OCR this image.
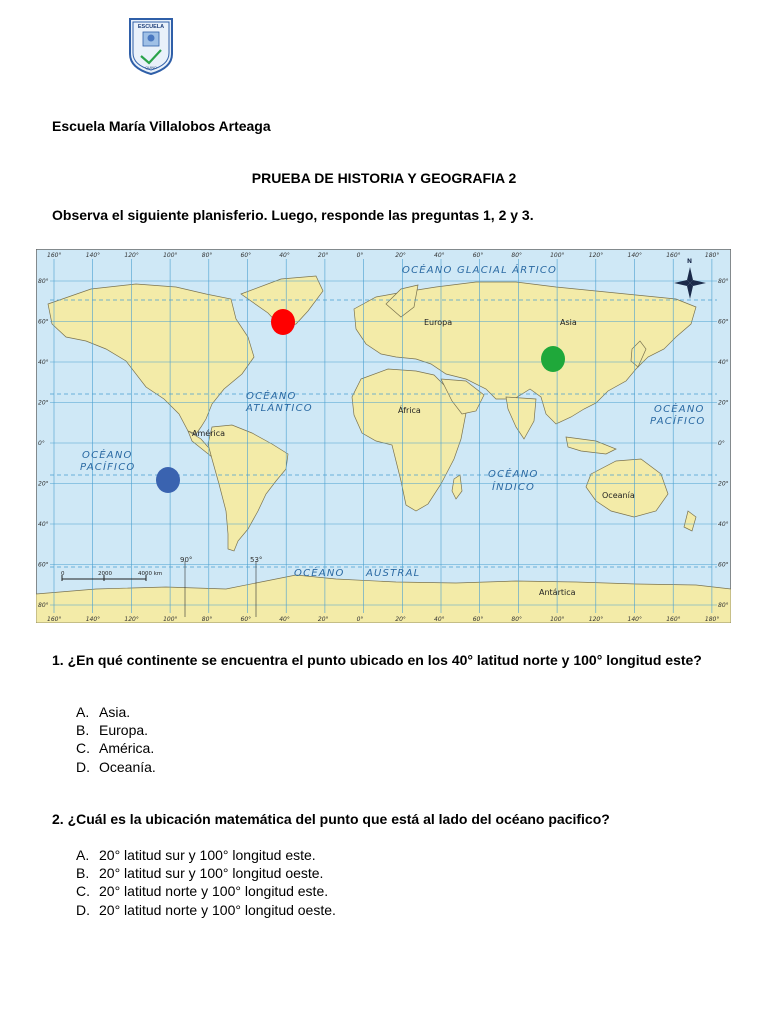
ESCUELA
QUINO
Escuela María Villalobos Arteaga
PRUEBA DE HISTORIA Y GEOGRAFIA 2
Observa el siguiente planisferio. Luego, responde las preguntas 1, 2 y 3.
160°
160°
140°
140°
120°
120°
100°
100°
80°
80°
60°
60°
40°
40°
20°
20°
0°
0°
20°
20°
40°
40°
60°
60°
80°
80°
100°
100°
120°
120°
140°
140°
160°
160°
180°
180°
80°	80°
60°	60°
40°	40°
20°	20°
0°	0°
20°	20°
40°	40°
60°	60°
80°	80°
OCÉANO GLACIAL ÁRTICO
OCÉANO
ATLÁNTICO	OCÉANO
PACÍFICO
OCÉANO
PACÍFICO
OCÉANO
ÍNDICO
OCÉANO AUSTRAL
Europa	Asia
África
América
Oceanía
Antártica
90°	53°
0	2000	4000 km
N
1. ¿En qué continente se encuentra el punto ubicado en los 40° latitud norte y 100° longitud este?
A. Asia.
B. Europa.
C. América.
D. Oceanía.
2. ¿Cuál es la ubicación matemática del punto que está al lado del océano pacifico?
A. 20° latitud sur y 100° longitud este.
B. 20° latitud sur y 100° longitud oeste.
C. 20° latitud norte y 100° longitud este.
D. 20° latitud norte y 100° longitud oeste.
